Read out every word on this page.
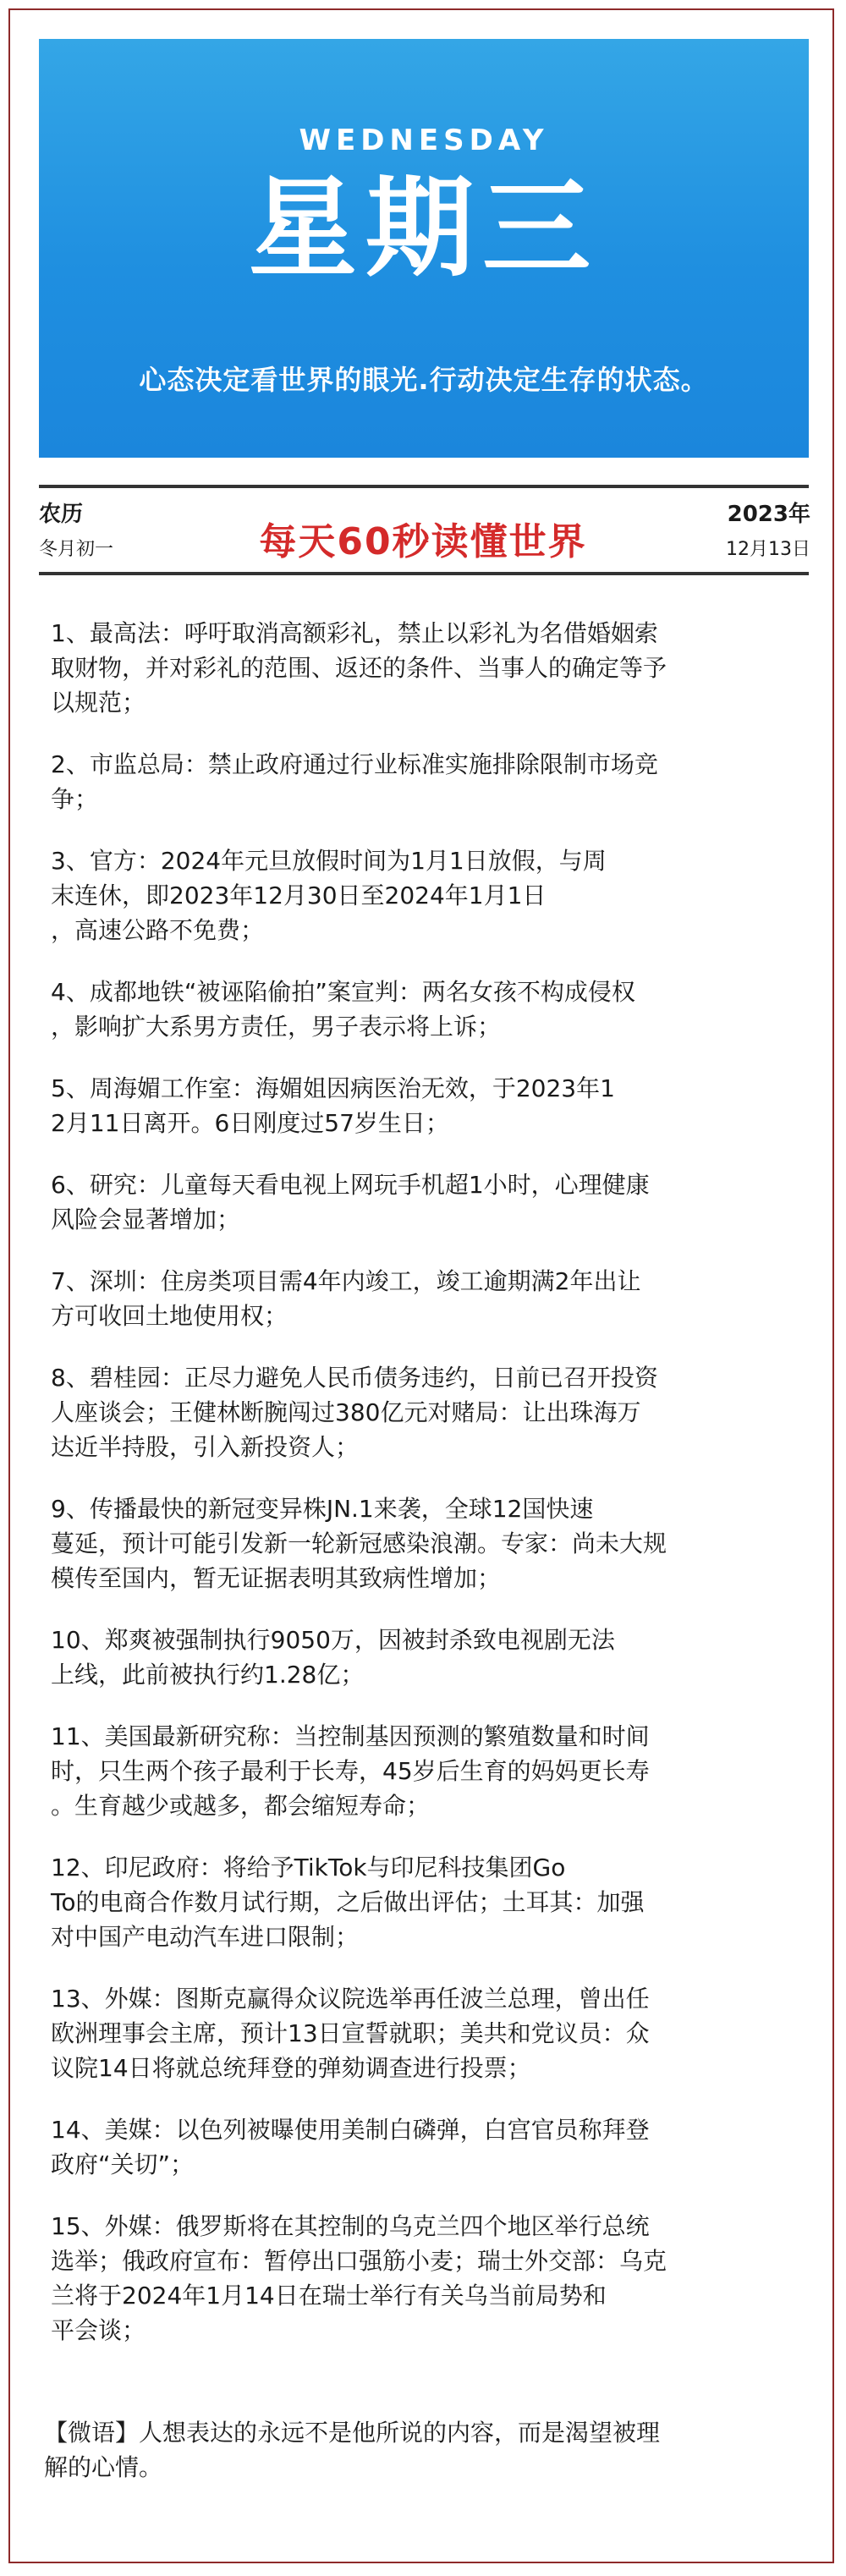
WEDNESDAY
星期三
心态决定看世界的眼光.行动决定生存的状态。
农历
冬月初一	每天60秒读懂世界
2023年
12月13日
1、最高法：呼吁取消高额彩礼，禁止以彩礼为名借婚姻索
取财物，并对彩礼的范围、返还的条件、当事人的确定等予
以规范；
2、市监总局：禁止政府通过行业标准实施排除限制市场竞
争；
3、官方：2024年元旦放假时间为1月1日放假，与周
末连休，即2023年12月30日至2024年1月1日
，高速公路不免费；
4、成都地铁“被诬陷偷拍”案宣判：两名女孩不构成侵权
，影响扩大系男方责任，男子表示将上诉；
5、周海媚工作室：海媚姐因病医治无效，于2023年1
2月11日离开。6日刚度过57岁生日；
6、研究：儿童每天看电视上网玩手机超1小时，心理健康
风险会显著增加；
7、深圳：住房类项目需4年内竣工，竣工逾期满2年出让
方可收回土地使用权；
8、碧桂园：正尽力避免人民币债务违约，日前已召开投资
人座谈会；王健林断腕闯过380亿元对赌局：让出珠海万
达近半持股，引入新投资人；
9、传播最快的新冠变异株JN.1来袭，全球12国快速
蔓延，预计可能引发新一轮新冠感染浪潮。专家：尚未大规
模传至国内，暂无证据表明其致病性增加；
10、郑爽被强制执行9050万，因被封杀致电视剧无法
上线，此前被执行约1.28亿；
11、美国最新研究称：当控制基因预测的繁殖数量和时间
时，只生两个孩子最利于长寿，45岁后生育的妈妈更长寿
。生育越少或越多，都会缩短寿命；
12、印尼政府：将给予TikTok与印尼科技集团Go
To的电商合作数月试行期，之后做出评估；土耳其：加强
对中国产电动汽车进口限制；
13、外媒：图斯克赢得众议院选举再任波兰总理，曾出任
欧洲理事会主席，预计13日宣誓就职；美共和党议员：众
议院14日将就总统拜登的弹劾调查进行投票；
14、美媒：以色列被曝使用美制白磷弹，白宫官员称拜登
政府“关切”；
15、外媒：俄罗斯将在其控制的乌克兰四个地区举行总统
选举；俄政府宣布：暂停出口强筋小麦；瑞士外交部：乌克
兰将于2024年1月14日在瑞士举行有关乌当前局势和
平会谈；
【微语】人想表达的永远不是他所说的内容，而是渴望被理
解的心情。
